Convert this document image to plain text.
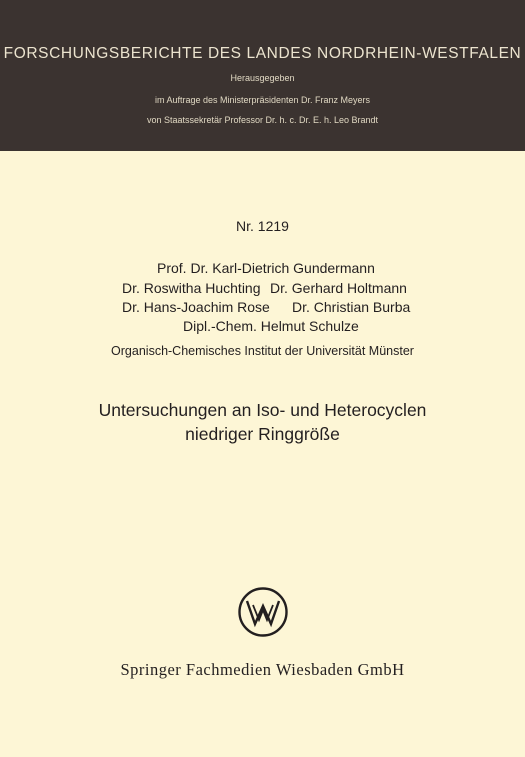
FORSCHUNGSBERICHTE DES LANDES NORDRHEIN-WESTFALEN
Herausgegeben
im Auftrage des Ministerpräsidenten Dr. Franz Meyers
von Staatssekretär Professor Dr. h. c. Dr. E. h. Leo Brandt
Nr. 1219
Prof. Dr. Karl-Dietrich Gundermann
Dr. Roswitha Huchting Dr. Gerhard Holtmann
Dr. Hans-Joachim Rose Dr. Christian Burba
Dipl.-Chem. Helmut Schulze
Organisch-Chemisches Institut der Universität Münster
Untersuchungen an Iso- und Heterocyclen
niedriger Ringgröße
Springer Fachmedien Wiesbaden GmbH
